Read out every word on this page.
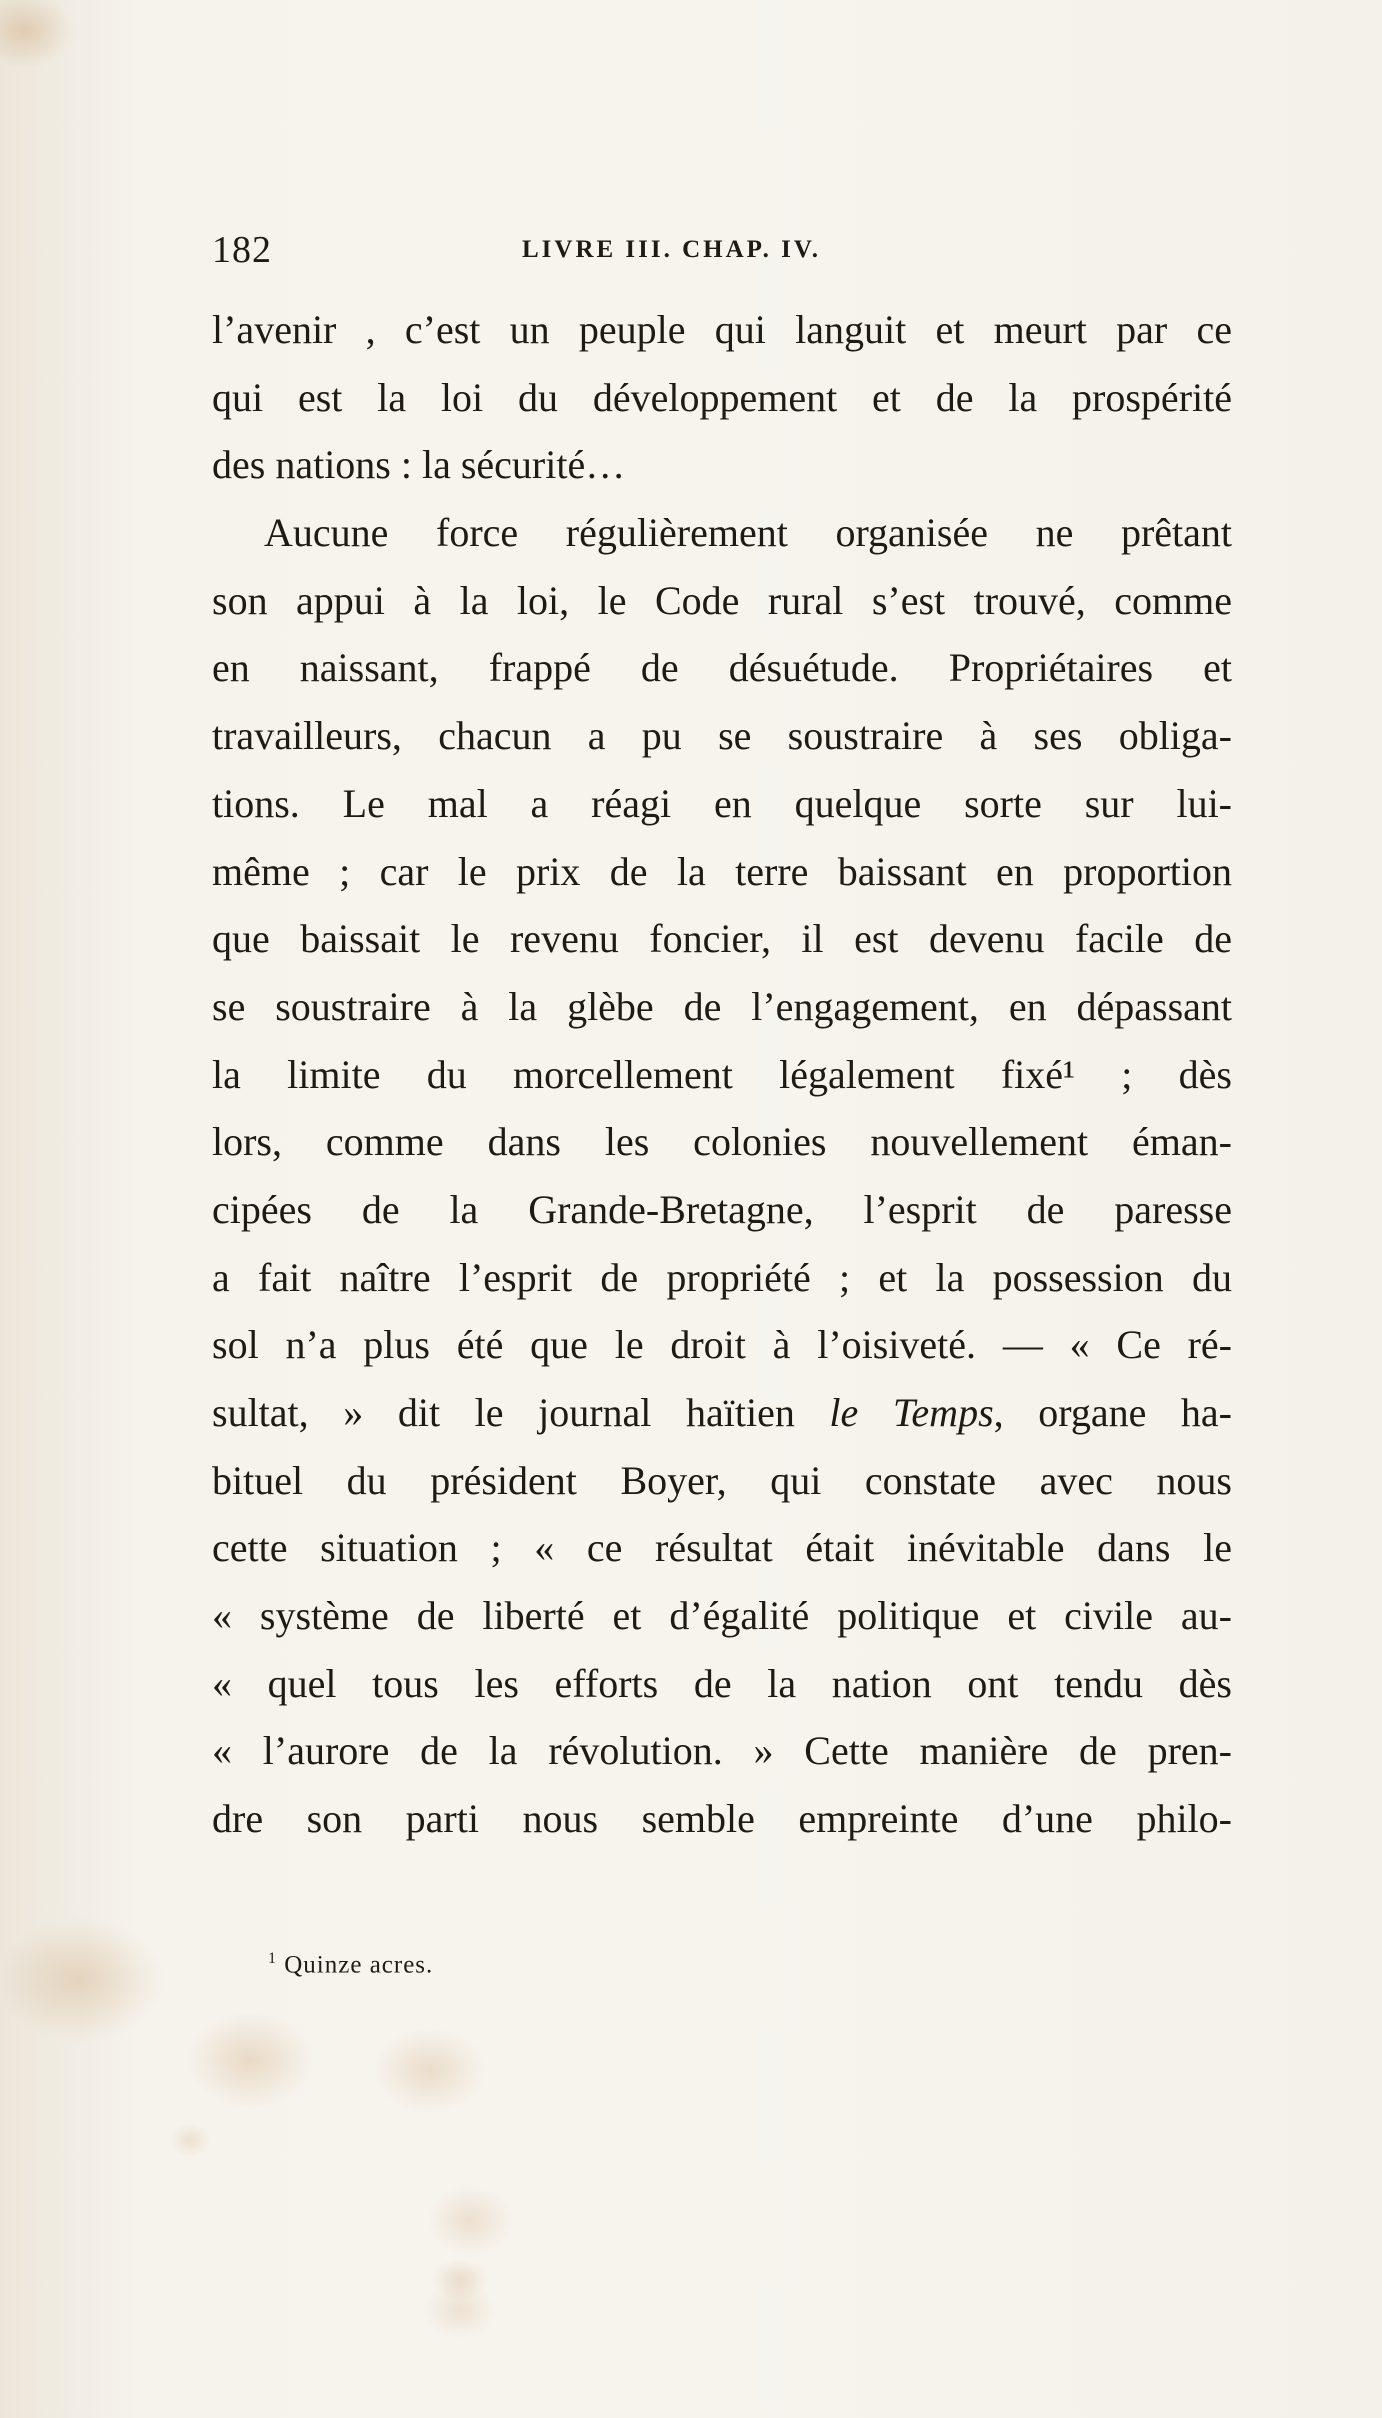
182	LIVRE III. CHAP. IV.
l’avenir , c’est un peuple qui languit et meurt par ce
qui est la loi du développement et de la prospérité
des nations : la sécurité…
Aucune force régulièrement organisée ne prêtant
son appui à la loi, le Code rural s’est trouvé, comme
en naissant, frappé de désuétude. Propriétaires et
travailleurs, chacun a pu se soustraire à ses obliga-
tions. Le mal a réagi en quelque sorte sur lui-
même ; car le prix de la terre baissant en proportion
que baissait le revenu foncier, il est devenu facile de
se soustraire à la glèbe de l’engagement, en dépassant
la limite du morcellement légalement fixé¹ ; dès
lors, comme dans les colonies nouvellement éman-
cipées de la Grande-Bretagne, l’esprit de paresse
a fait naître l’esprit de propriété ; et la possession du
sol n’a plus été que le droit à l’oisiveté. — « Ce ré-
sultat, » dit le journal haïtien le Temps, organe ha-
bituel du président Boyer, qui constate avec nous
cette situation ; « ce résultat était inévitable dans le
« système de liberté et d’égalité politique et civile au-
« quel tous les efforts de la nation ont tendu dès
« l’aurore de la révolution. » Cette manière de pren-
dre son parti nous semble empreinte d’une philo-
$^1$ Quinze acres.
